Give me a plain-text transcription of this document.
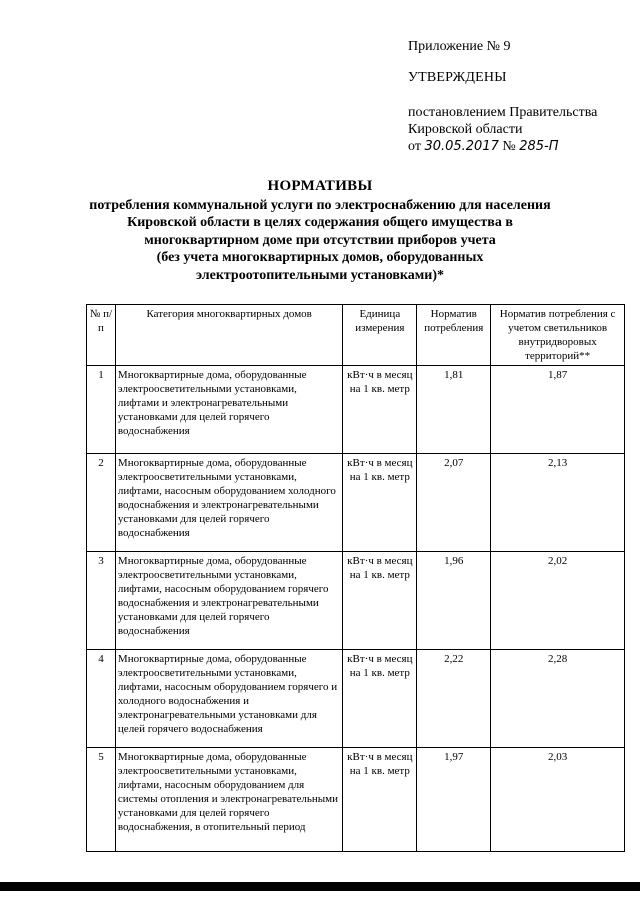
Приложение № 9
УТВЕРЖДЕНЫ
постановлением Правительства
Кировской области
от 30.05.2017 № 285-П
НОРМАТИВЫ
потребления коммунальной услуги по электроснабжению для населения
Кировской области в целях содержания общего имущества в
многоквартирном доме при отсутствии приборов учета
(без учета многоквартирных домов, оборудованных
электроотопительными установками)*
№ п/п	Категория многоквартирных домов	Единица измерения	Норматив потребления	Норматив потребления с учетом светильников внутридворовых территорий**
1	Многоквартирные дома, оборудованные электроосветительными установками, лифтами и электронагревательными установками для целей горячего водоснабжения	кВт·ч в месяц на 1 кв. метр	1,81	1,87
2	Многоквартирные дома, оборудованные электроосветительными установками, лифтами, насосным оборудованием холодного водоснабжения и электронагревательными установками для целей горячего водоснабжения	кВт·ч в месяц на 1 кв. метр	2,07	2,13
3	Многоквартирные дома, оборудованные электроосветительными установками, лифтами, насосным оборудованием горячего водоснабжения и электронагревательными установками для целей горячего водоснабжения	кВт·ч в месяц на 1 кв. метр	1,96	2,02
4	Многоквартирные дома, оборудованные электроосветительными установками, лифтами, насосным оборудованием горячего и холодного водоснабжения и электронагревательными установками для целей горячего водоснабжения	кВт·ч в месяц на 1 кв. метр	2,22	2,28
5	Многоквартирные дома, оборудованные электроосветительными установками, лифтами, насосным оборудованием для системы отопления и электронагревательными установками для целей горячего водоснабжения, в отопительный период	кВт·ч в месяц на 1 кв. метр	1,97	2,03
